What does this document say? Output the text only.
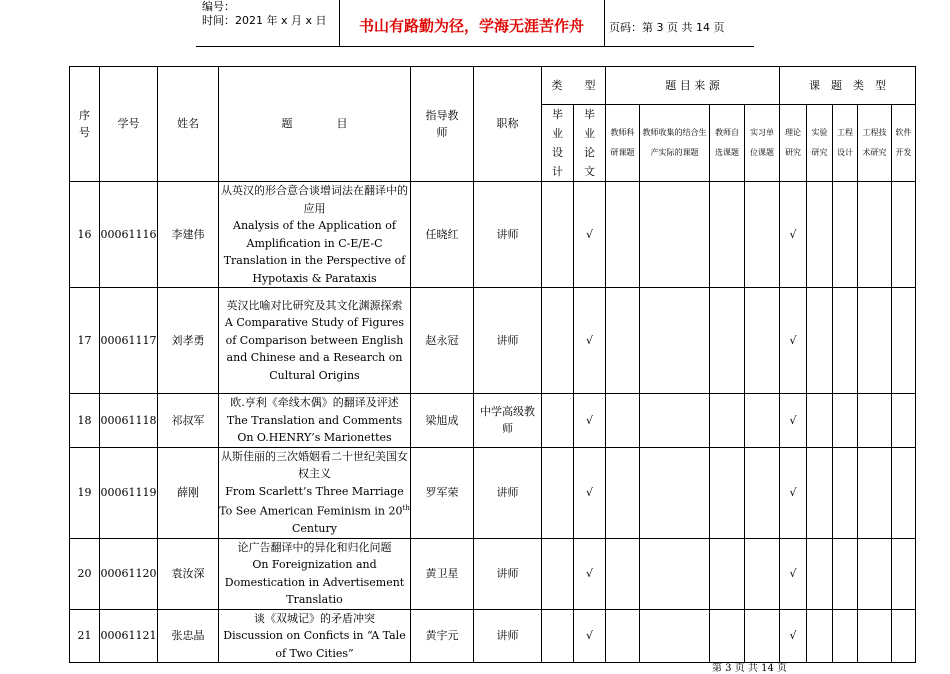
编号：
时间：2021 年 x 月 x 日	书山有路勤为径，学海无涯苦作舟	页码：第 3 页 共 14 页
序号	学号	姓名	题　　　　目	指导教师	职称	类　　型		题 目 来 源				课　题　类　型				
						毕业设计	毕业论文	教师科研课题	教师收集的结合生产实际的课题	教师自选课题	实习单位课题	理论研究	实验研究	工程设计	工程技术研究	软件开发
16	00061116	李建伟	从英汉的形合意合谈增词法在翻译中的应用
Analysis of the Application of Amplification in C-E/E-C Translation in the Perspective of Hypotaxis & Parataxis	任晓红	讲师		√					√				
17	00061117	刘孝勇	英汉比喻对比研究及其文化渊源探索
A Comparative Study of Figures of Comparison between English and Chinese and a Research on Cultural Origins	赵永冠	讲师		√					√				
18	00061118	祁叔军	欧.亨利《牵线木偶》的翻译及评述
The Translation and Comments On O.HENRY’s Marionettes	梁旭成	中学高级教师		√					√				
19	00061119	薛刚	从斯佳丽的三次婚姻看二十世纪美国女权主义
From Scarlett’s Three Marriage To See American Feminism in 20th Century	罗军荣	讲师		√					√				
20	00061120	袁汝深	论广告翻译中的异化和归化问题
On Foreignization and Domestication in Advertisement Translatio	黄卫星	讲师		√					√				
21	00061121	张忠晶	谈《双城记》的矛盾冲突
Discussion on Conficts in “A Tale of Two Cities”	黄宇元	讲师		√					√				
第 3 页 共 14 页
